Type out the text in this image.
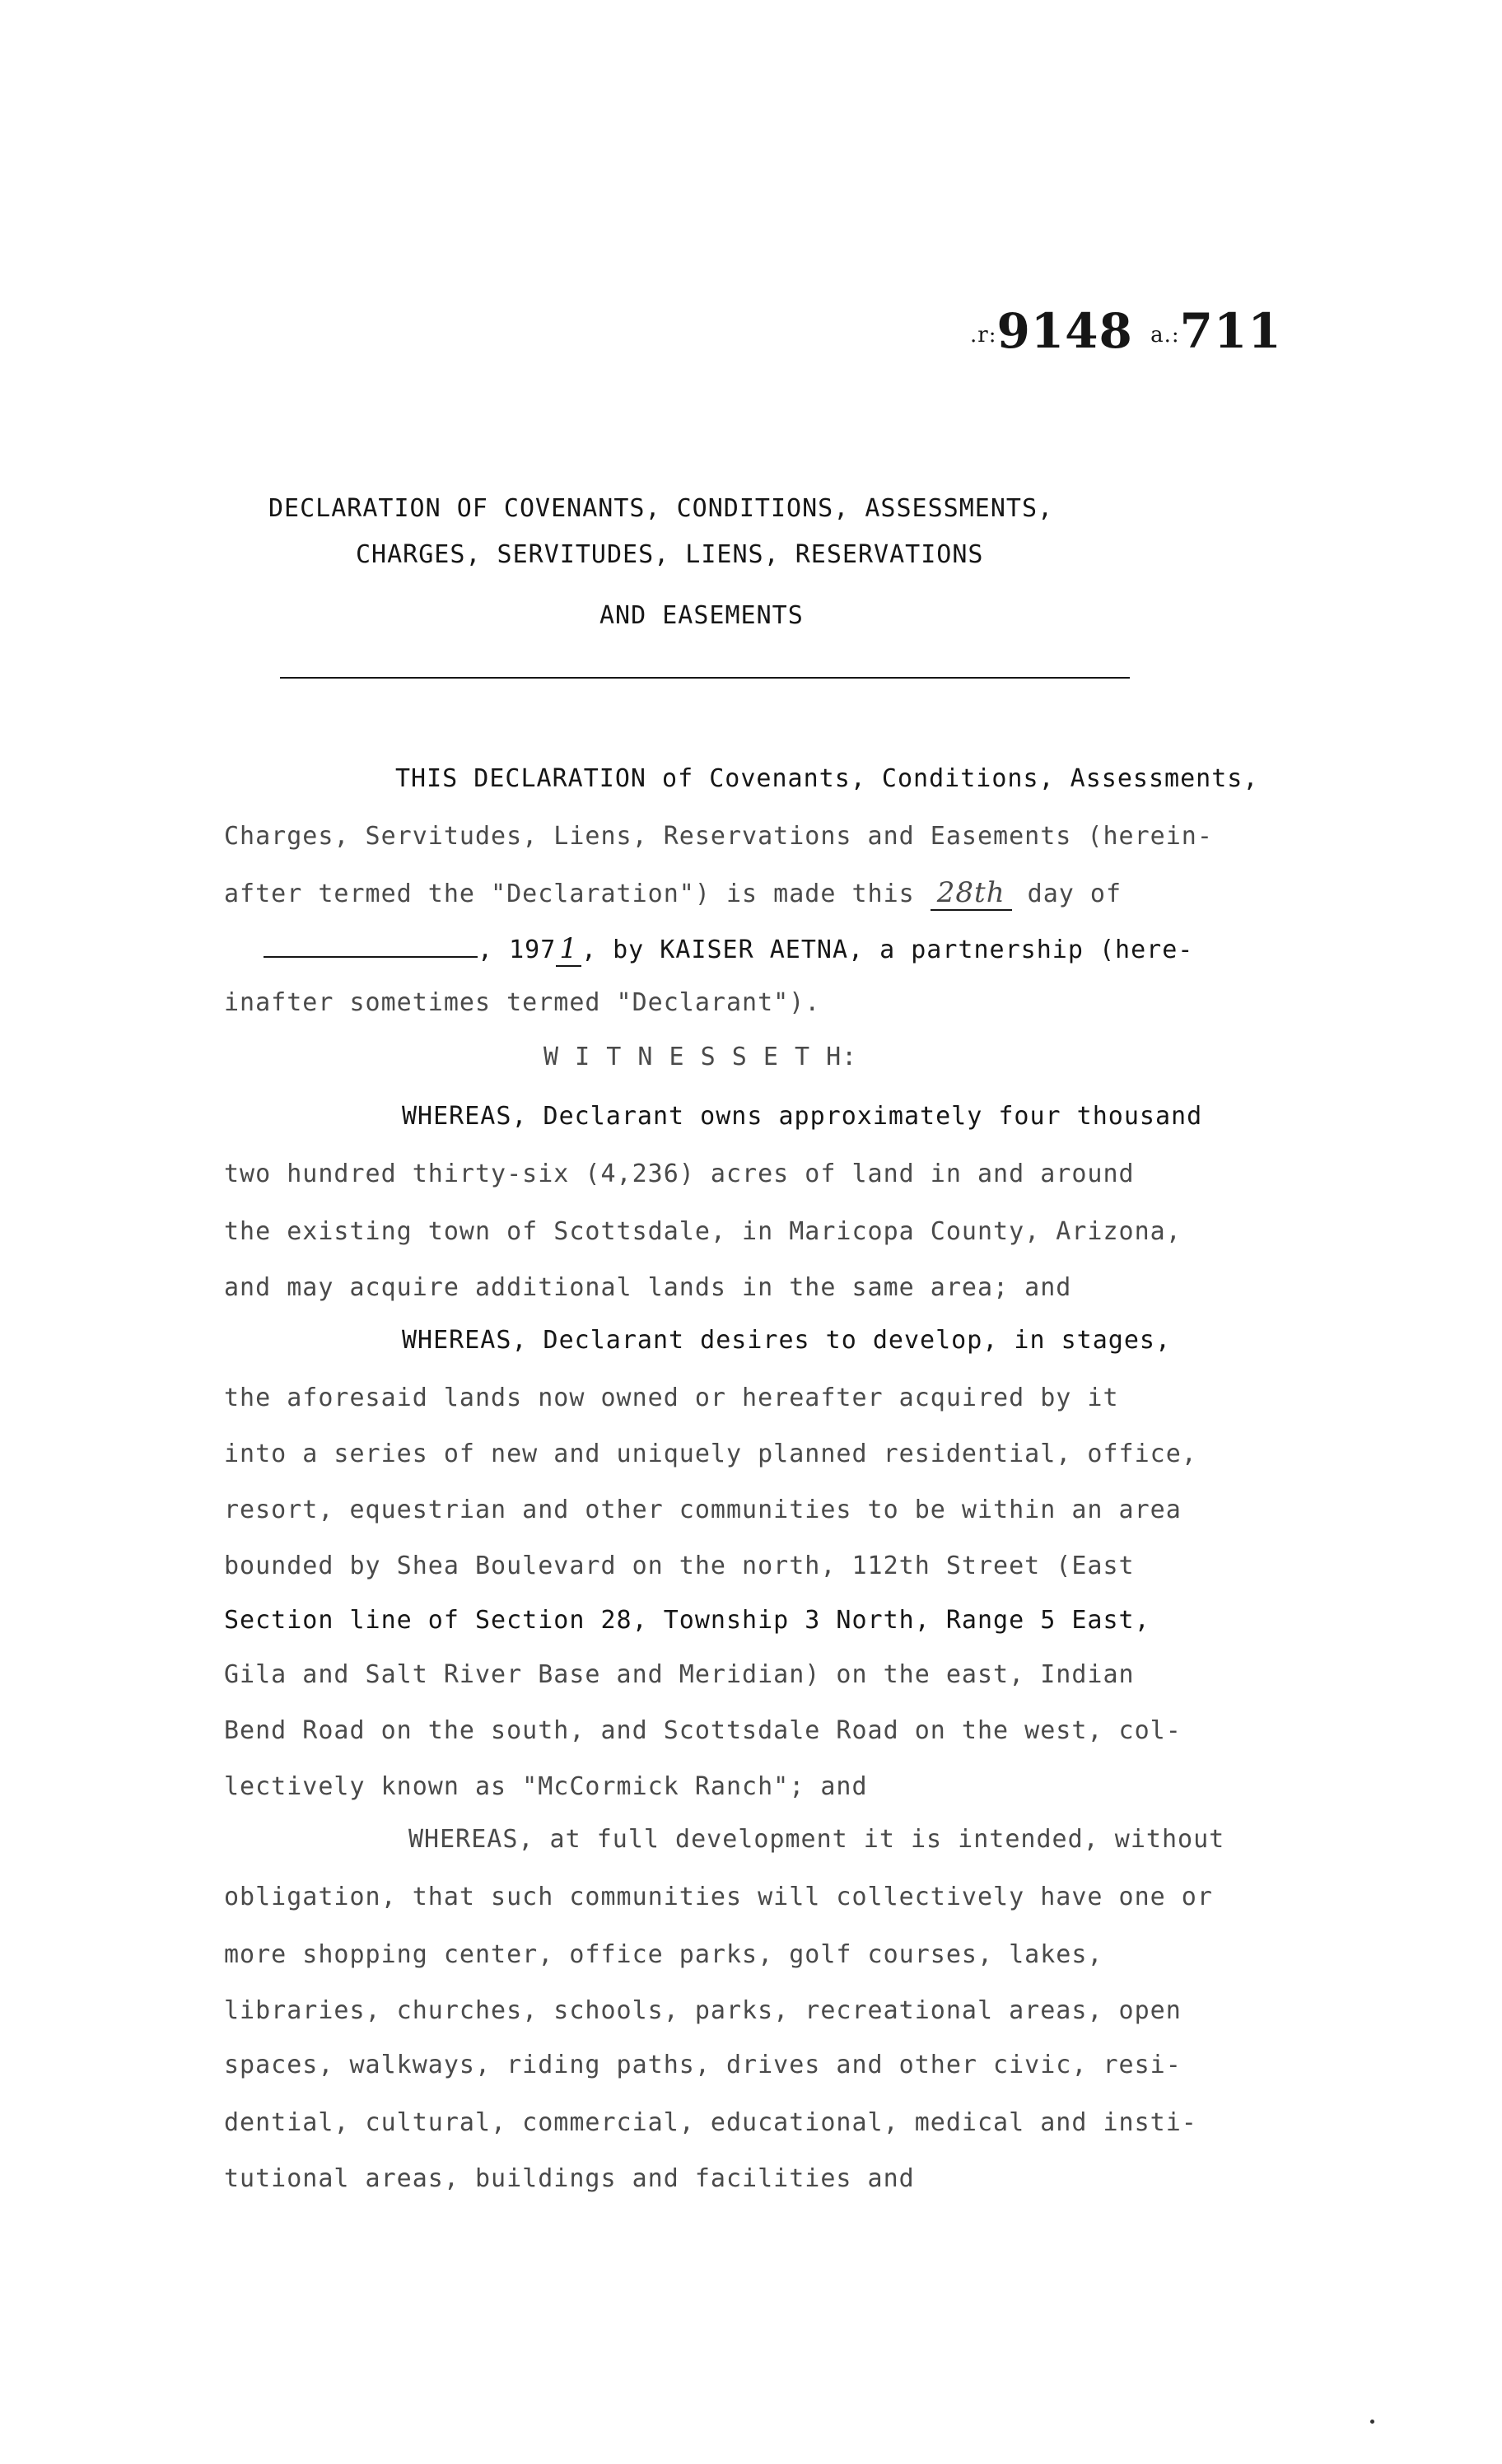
.r:9148 a.:711
DECLARATION OF COVENANTS, CONDITIONS, ASSESSMENTS,
CHARGES, SERVITUDES, LIENS, RESERVATIONS
AND EASEMENTS
THIS DECLARATION of Covenants, Conditions, Assessments,
Charges, Servitudes, Liens, Reservations and Easements (herein-
after termed the "Declaration") is made this 28th day of
, 197 1 , by KAISER AETNA, a partnership (here-
inafter sometimes termed "Declarant").
W I T N E S S E T H:
WHEREAS, Declarant owns approximately four thousand
two hundred thirty-six (4,236) acres of land in and around
the existing town of Scottsdale, in Maricopa County, Arizona,
and may acquire additional lands in the same area; and
WHEREAS, Declarant desires to develop, in stages,
the aforesaid lands now owned or hereafter acquired by it
into a series of new and uniquely planned residential, office,
resort, equestrian and other communities to be within an area
bounded by Shea Boulevard on the north, 112th Street (East
Section line of Section 28, Township 3 North, Range 5 East,
Gila and Salt River Base and Meridian) on the east, Indian
Bend Road on the south, and Scottsdale Road on the west, col-
lectively known as "McCormick Ranch"; and
WHEREAS, at full development it is intended, without
obligation, that such communities will collectively have one or
more shopping center, office parks, golf courses, lakes,
libraries, churches, schools, parks, recreational areas, open
spaces, walkways, riding paths, drives and other civic, resi-
dential, cultural, commercial, educational, medical and insti-
tutional areas, buildings and facilities and
